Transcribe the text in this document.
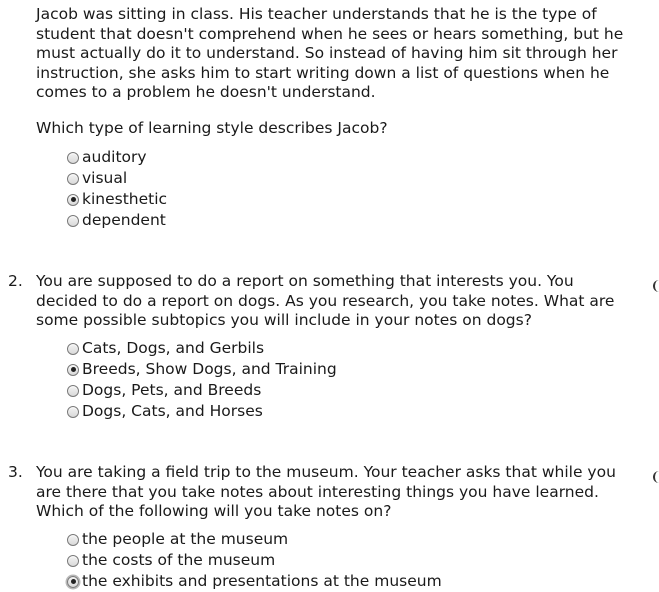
Jacob was sitting in class. His teacher understands that he is the type of
student that doesn't comprehend when he sees or hears something, but he
must actually do it to understand. So instead of having him sit through her
instruction, she asks him to start writing down a list of questions when he
comes to a problem he doesn't understand.

Which type of learning style describes Jacob?

auditory
visual
kinesthetic
dependent
2. You are supposed to do a report on something that interests you. You
decided to do a report on dogs. As you research, you take notes. What are
some possible subtopics you will include in your notes on dogs?

Cats, Dogs, and Gerbils
Breeds, Show Dogs, and Training
Dogs, Pets, and Breeds
Dogs, Cats, and Horses
3. You are taking a field trip to the museum. Your teacher asks that while you
are there that you take notes about interesting things you have learned.
Which of the following will you take notes on?

the people at the museum
the costs of the museum
the exhibits and presentations at the museum
